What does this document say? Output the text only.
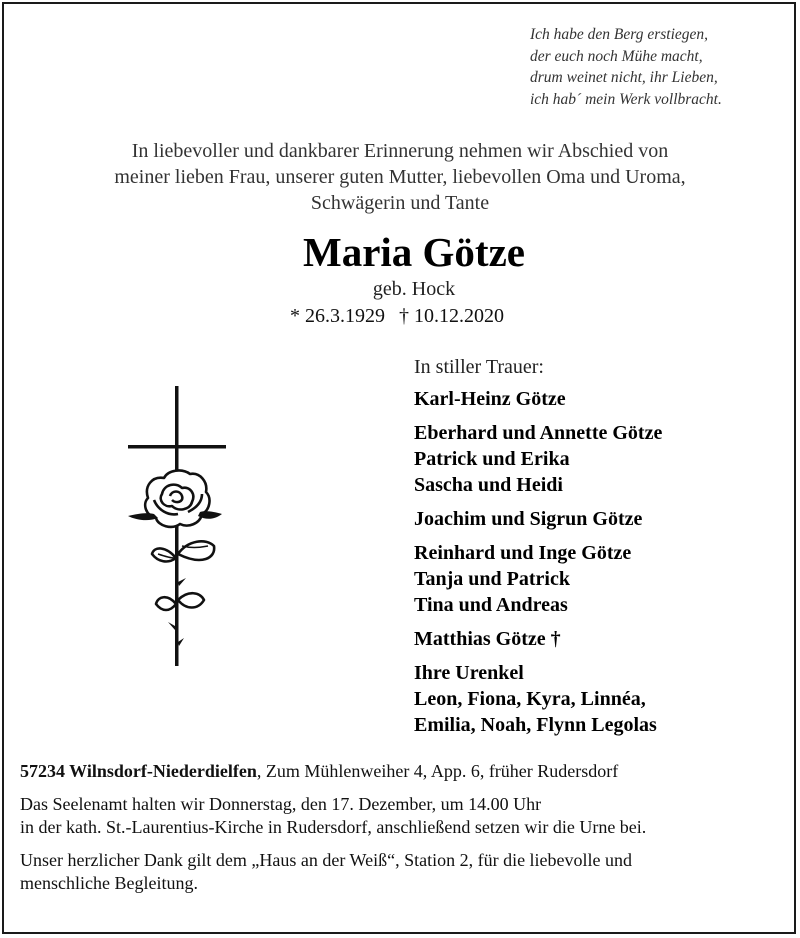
Ich habe den Berg erstiegen,
der euch noch Mühe macht,
drum weinet nicht, ihr Lieben,
ich hab´ mein Werk vollbracht.
In liebevoller und dankbarer Erinnerung nehmen wir Abschied von
meiner lieben Frau, unserer guten Mutter, liebevollen Oma und Uroma,
Schwägerin und Tante
Maria Götze
geb. Hock
* 26.3.1929 † 10.12.2020
In stiller Trauer:
Karl-Heinz Götze
Eberhard und Annette Götze
Patrick und Erika
Sascha und Heidi
Joachim und Sigrun Götze
Reinhard und Inge Götze
Tanja und Patrick
Tina und Andreas
Matthias Götze †
Ihre Urenkel
Leon, Fiona, Kyra, Linnéa,
Emilia, Noah, Flynn Legolas

57234 Wilnsdorf-Niederdielfen, Zum Mühlenweiher 4, App. 6, früher Rudersdorf

Das Seelenamt halten wir Donnerstag, den 17. Dezember, um 14.00 Uhr
in der kath. St.-Laurentius-Kirche in Rudersdorf, anschließend setzen wir die Urne bei.

Unser herzlicher Dank gilt dem „Haus an der Weiß“, Station 2, für die liebevolle und
menschliche Begleitung.
